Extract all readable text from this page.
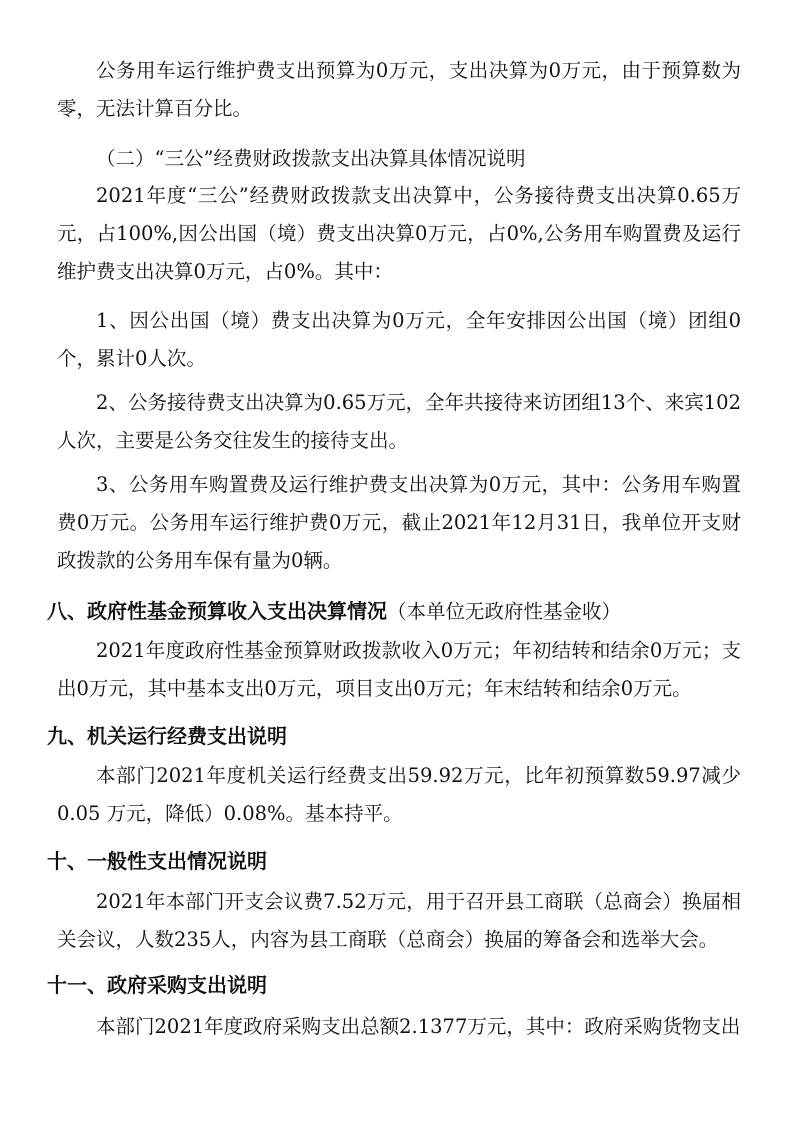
公务用车运行维护费支出预算为0万元，支出决算为0万元，由于预算数为零，无法计算百分比。

（二）“三公”经费财政拨款支出决算具体情况说明

2021年度“三公”经费财政拨款支出决算中，公务接待费支出决算0.65万元，占100%,因公出国（境）费支出决算0万元，占0%,公务用车购置费及运行维护费支出决算0万元，占0%。其中：

1、因公出国（境）费支出决算为0万元，全年安排因公出国（境）团组0个，累计0人次。

2、公务接待费支出决算为0.65万元，全年共接待来访团组13个、来宾102人次，主要是公务交往发生的接待支出。

3、公务用车购置费及运行维护费支出决算为0万元，其中：公务用车购置费0万元。公务用车运行维护费0万元，截止2021年12月31日，我单位开支财政拨款的公务用车保有量为0辆。

八、政府性基金预算收入支出决算情况（本单位无政府性基金收）

2021年度政府性基金预算财政拨款收入0万元；年初结转和结余0万元；支出0万元，其中基本支出0万元，项目支出0万元；年末结转和结余0万元。

九、机关运行经费支出说明

本部门2021年度机关运行经费支出59.92万元，比年初预算数59.97减少0.05 万元，降低）0.08%。基本持平。

十、一般性支出情况说明

2021年本部门开支会议费7.52万元，用于召开县工商联（总商会）换届相关会议，人数235人，内容为县工商联（总商会）换届的筹备会和选举大会。

十一、政府采购支出说明

本部门2021年度政府采购支出总额2.1377万元，其中：政府采购货物支出
